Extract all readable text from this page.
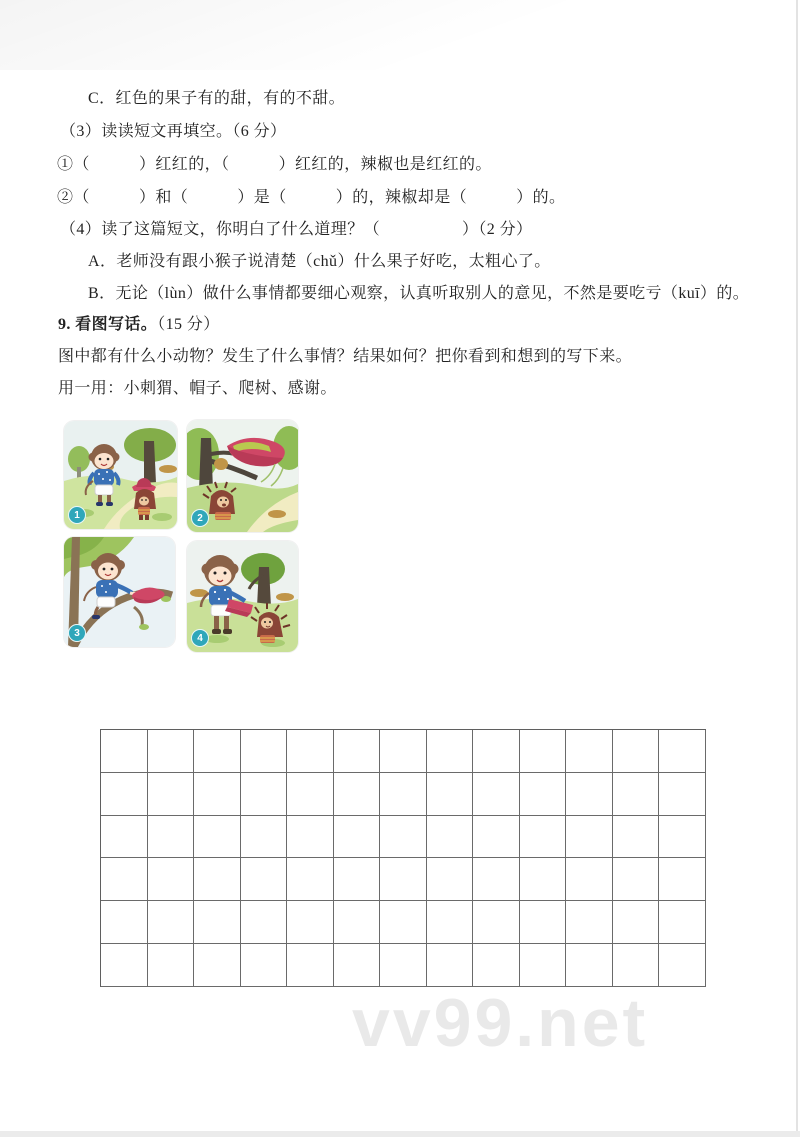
C．红色的果子有的甜，有的不甜。
（3）读读短文再填空。（6 分）
①（　　　）红红的，（　　　）红红的，辣椒也是红红的。
②（　　　）和（　　　）是（　　　）的，辣椒却是（　　　）的。
（4）读了这篇短文，你明白了什么道理？（　　　　　）（2 分）
A．老师没有跟小猴子说清楚（chǔ）什么果子好吃，太粗心了。
B．无论（lùn）做什么事情都要细心观察，认真听取别人的意见，不然是要吃亏（kuī）的。
9. 看图写话。（15 分）
图中都有什么小动物？发生了什么事情？结果如何？把你看到和想到的写下来。
用一用：小刺猬、帽子、爬树、感谢。
1	2
3	4
vv99.net
